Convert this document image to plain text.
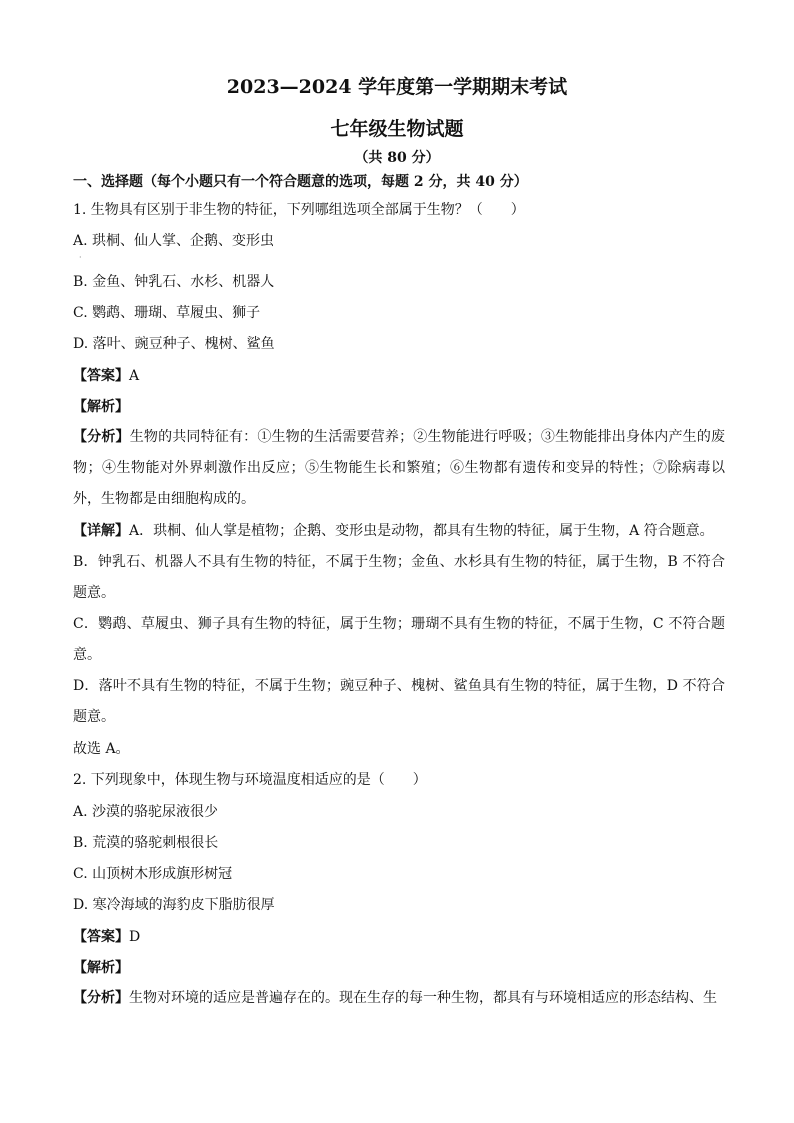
2023—2024 学年度第一学期期末考试
七年级生物试题
（共 80 分）
一、选择题（每个小题只有一个符合题意的选项，每题 2 分，共 40 分）
1. 生物具有区别于非生物的特征，下列哪组选项全部属于生物？（　　）
A. 珙桐、仙人掌、企鹅、变形虫
·
B. 金鱼、钟乳石、水杉、机器人
C. 鹦鹉、珊瑚、草履虫、狮子
D. 落叶、豌豆种子、槐树、鲨鱼
【答案】A
【解析】
【分析】生物的共同特征有：①生物的生活需要营养；②生物能进行呼吸；③生物能排出身体内产生的废物；④生物能对外界刺激作出反应；⑤生物能生长和繁殖；⑥生物都有遗传和变异的特性；⑦除病毒以外，生物都是由细胞构成的。
【详解】A．珙桐、仙人掌是植物；企鹅、变形虫是动物，都具有生物的特征，属于生物，A 符合题意。
B．钟乳石、机器人不具有生物的特征，不属于生物；金鱼、水杉具有生物的特征，属于生物，B 不符合题意。
C．鹦鹉、草履虫、狮子具有生物的特征，属于生物；珊瑚不具有生物的特征，不属于生物，C 不符合题意。
D．落叶不具有生物的特征，不属于生物；豌豆种子、槐树、鲨鱼具有生物的特征，属于生物，D 不符合题意。
故选 A。
2. 下列现象中，体现生物与环境温度相适应的是（　　）
A. 沙漠的骆驼尿液很少
B. 荒漠的骆驼刺根很长
C. 山顶树木形成旗形树冠
D. 寒冷海域的海豹皮下脂肪很厚
【答案】D
【解析】
【分析】生物对环境的适应是普遍存在的。现在生存的每一种生物，都具有与环境相适应的形态结构、生
